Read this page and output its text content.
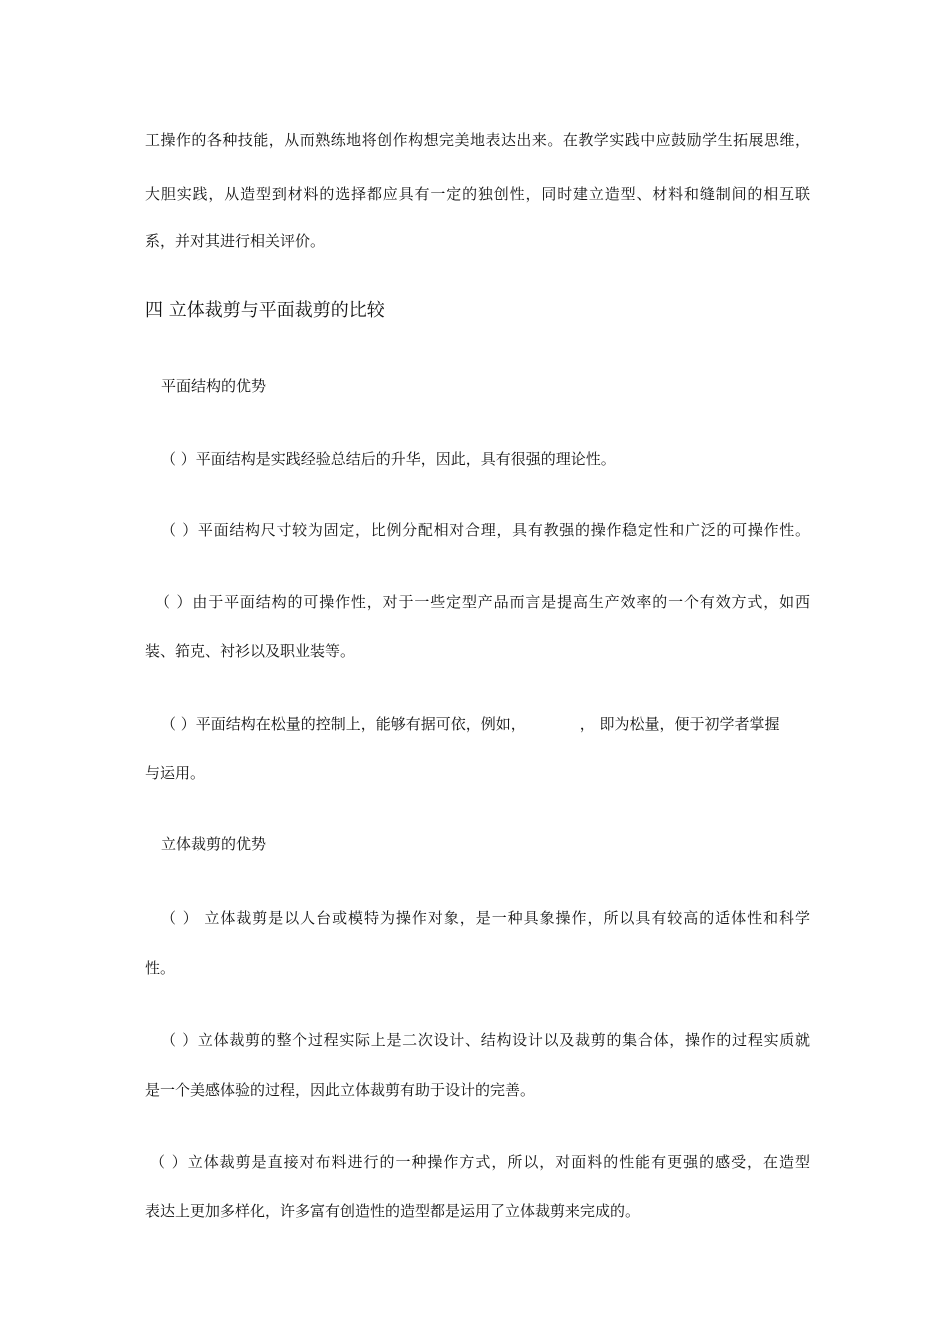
工操作的各种技能，从而熟练地将创作构想完美地表达出来。在教学实践中应鼓励学生拓展思维，
大胆实践，从造型到材料的选择都应具有一定的独创性，同时建立造型、材料和缝制间的相互联
系，并对其进行相关评价。
四 立体裁剪与平面裁剪的比较
平面结构的优势
（ ）平面结构是实践经验总结后的升华，因此，具有很强的理论性。
（ ）平面结构尺寸较为固定，比例分配相对合理，具有教强的操作稳定性和广泛的可操作性。
（ ）由于平面结构的可操作性，对于一些定型产品而言是提高生产效率的一个有效方式，如西
装、筘克、衬衫以及职业装等。
（ ）平面结构在松量的控制上，能够有据可依，例如，	， 即为松量，便于初学者掌握
与运用。
立体裁剪的优势
（ ） 立体裁剪是以人台或模特为操作对象，是一种具象操作，所以具有较高的适体性和科学
性。
（ ）立体裁剪的整个过程实际上是二次设计、结构设计以及裁剪的集合体，操作的过程实质就
是一个美感体验的过程，因此立体裁剪有助于设计的完善。
（ ）立体裁剪是直接对布料进行的一种操作方式，所以，对面料的性能有更强的感受，在造型
表达上更加多样化，许多富有创造性的造型都是运用了立体裁剪来完成的。
